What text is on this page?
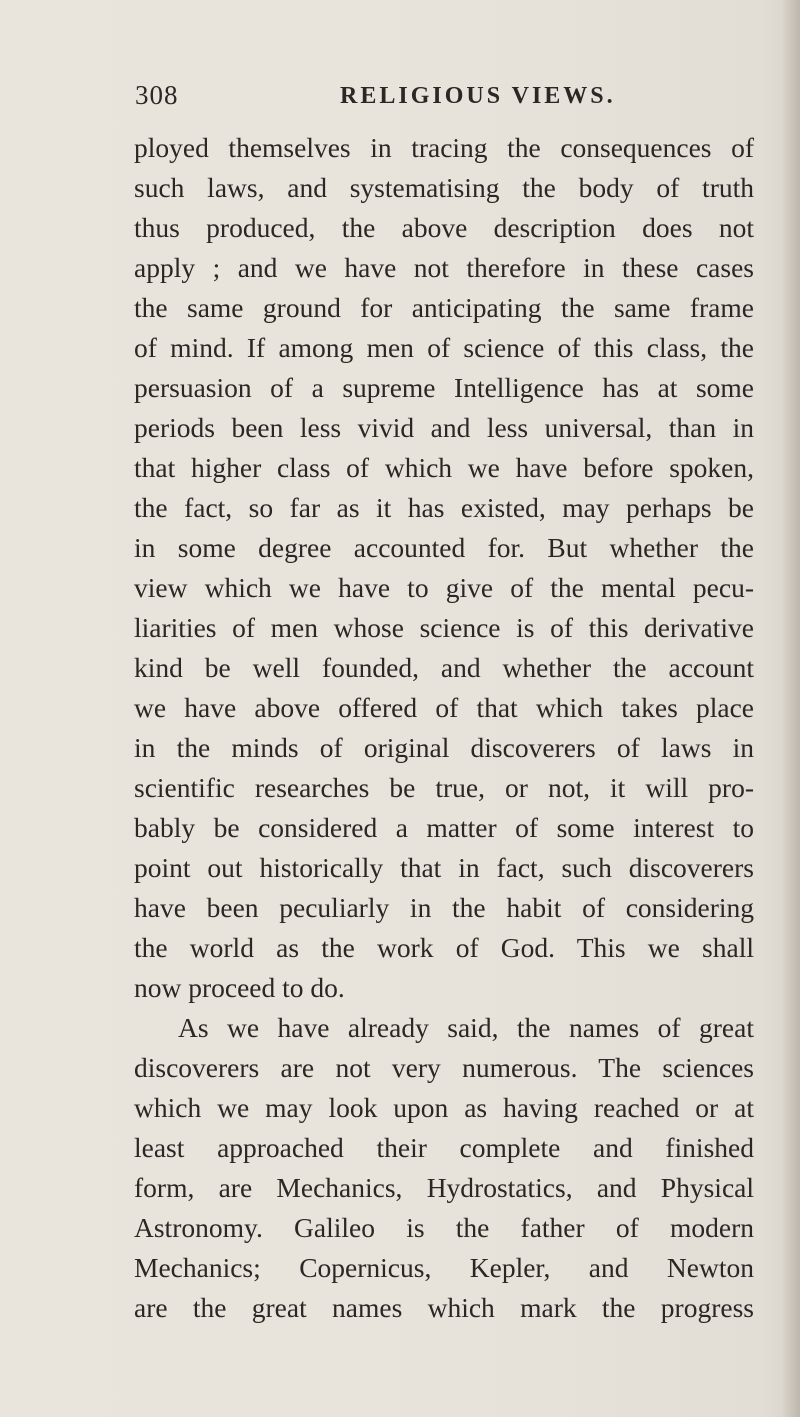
308	RELIGIOUS VIEWS.
ployed themselves in tracing the consequences of
such laws, and systematising the body of truth
thus produced, the above description does not
apply ; and we have not therefore in these cases
the same ground for anticipating the same frame
of mind. If among men of science of this class, the
persuasion of a supreme Intelligence has at some
periods been less vivid and less universal, than in
that higher class of which we have before spoken,
the fact, so far as it has existed, may perhaps be
in some degree accounted for. But whether the
view which we have to give of the mental pecu-
liarities of men whose science is of this derivative
kind be well founded, and whether the account
we have above offered of that which takes place
in the minds of original discoverers of laws in
scientific researches be true, or not, it will pro-
bably be considered a matter of some interest to
point out historically that in fact, such discoverers
have been peculiarly in the habit of considering
the world as the work of God. This we shall
now proceed to do.
As we have already said, the names of great
discoverers are not very numerous. The sciences
which we may look upon as having reached or at
least approached their complete and finished
form, are Mechanics, Hydrostatics, and Physical
Astronomy. Galileo is the father of modern
Mechanics; Copernicus, Kepler, and Newton
are the great names which mark the progress
